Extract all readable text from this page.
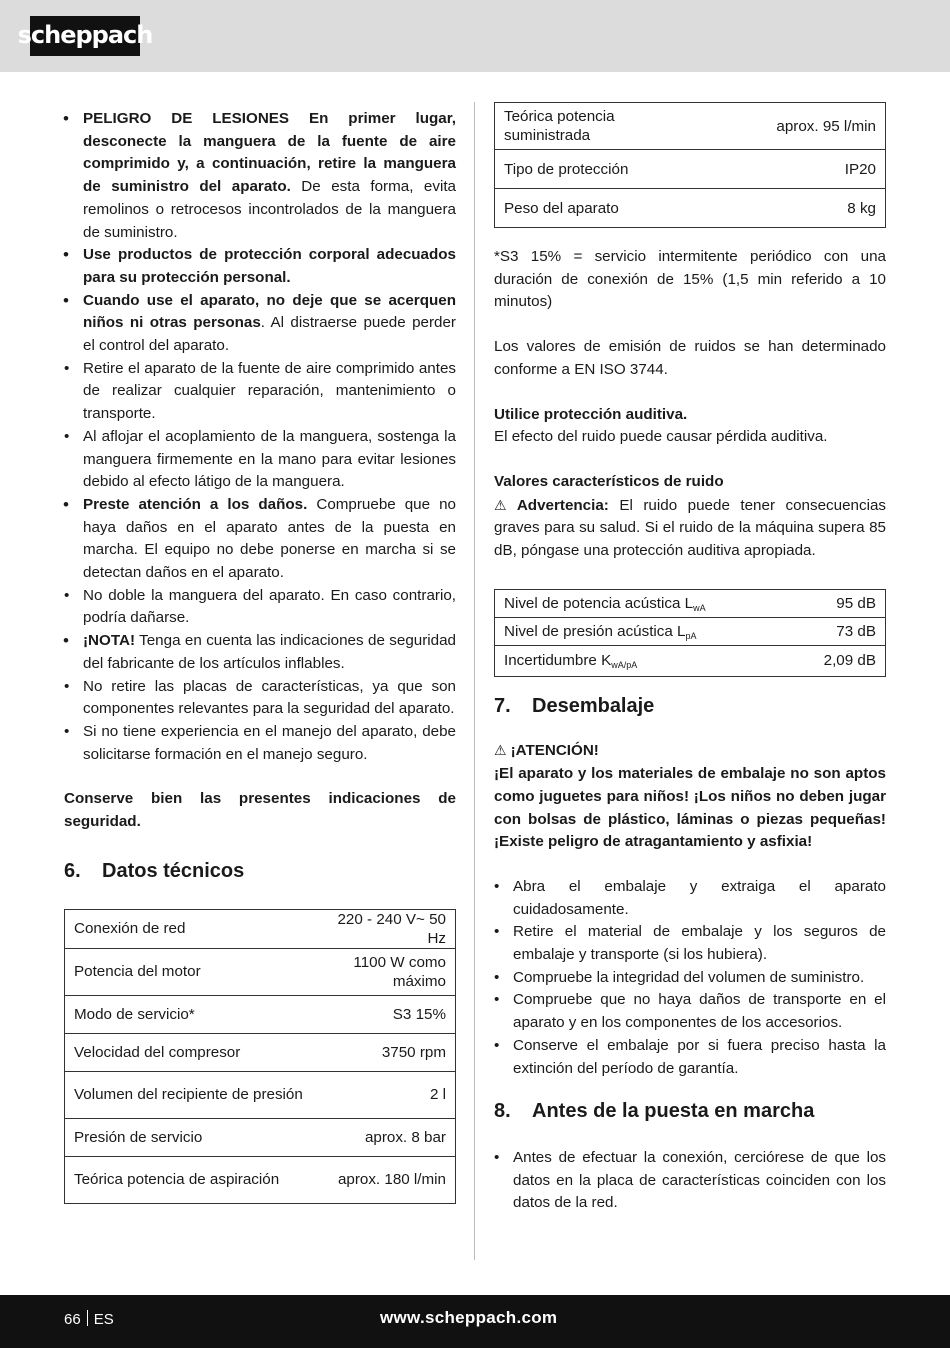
scheppach
• PELIGRO DE LESIONES En primer lugar, desconecte la manguera de la fuente de aire comprimido y, a continuación, retire la manguera de suministro del aparato. De esta forma, evita remolinos o retrocesos incontrolados de la manguera de suministro.
• Use productos de protección corporal adecuados para su protección personal.
• Cuando use el aparato, no deje que se acerquen niños ni otras personas. Al distraerse puede perder el control del aparato.
• Retire el aparato de la fuente de aire comprimido antes de realizar cualquier reparación, mantenimiento o transporte.
• Al aflojar el acoplamiento de la manguera, sostenga la manguera firmemente en la mano para evitar lesiones debido al efecto látigo de la manguera.
• Preste atención a los daños. Compruebe que no haya daños en el aparato antes de la puesta en marcha. El equipo no debe ponerse en marcha si se detectan daños en el aparato.
• No doble la manguera del aparato. En caso contrario, podría dañarse.
• ¡NOTA! Tenga en cuenta las indicaciones de seguridad del fabricante de los artículos inflables.
• No retire las placas de características, ya que son componentes relevantes para la seguridad del aparato.
• Si no tiene experiencia en el manejo del aparato, debe solicitarse formación en el manejo seguro.

Conserve bien las presentes indicaciones de seguridad.

6.	Datos técnicos
Conexión de red	220 - 240 V~ 50 Hz
Potencia del motor	1100 W como máximo
Modo de servicio*	S3 15%
Velocidad del compresor	3750 rpm
Volumen del recipiente de presión	2 l
Presión de servicio	aprox. 8 bar
Teórica potencia de aspiración	aprox. 180 l/min
Teórica potencia suministrada	aprox. 95 l/min
Tipo de protección	IP20
Peso del aparato	8 kg

*S3 15% = servicio intermitente periódico con una duración de conexión de 15% (1,5 min referido a 10 minutos)

Los valores de emisión de ruidos se han determinado conforme a EN ISO 3744.

Utilice protección auditiva.

El efecto del ruido puede causar pérdida auditiva.

Valores característicos de ruido

⚠ Advertencia: El ruido puede tener consecuencias graves para su salud. Si el ruido de la máquina supera 85 dB, póngase una protección auditiva apropiada.

Nivel de potencia acústica $L_{wA}$	95 dB
Nivel de presión acústica $L_{pA}$	73 dB
Incertidumbre $K_{wA/pA}$	2,09 dB
7.	Desembalaje

⚠ ¡ATENCIÓN!

¡El aparato y los materiales de embalaje no son aptos como juguetes para niños! ¡Los niños no deben jugar con bolsas de plástico, láminas o piezas pequeñas! ¡Existe peligro de atragantamiento y asfixia!

• Abra el embalaje y extraiga el aparato cuidadosamente.
• Retire el material de embalaje y los seguros de embalaje y transporte (si los hubiera).
• Compruebe la integridad del volumen de suministro.
• Compruebe que no haya daños de transporte en el aparato y en los componentes de los accesorios.
• Conserve el embalaje por si fuera preciso hasta la extinción del período de garantía.
8.	Antes de la puesta en marcha
• Antes de efectuar la conexión, cerciórese de que los datos en la placa de características coinciden con los datos de la red.
66 ES	www.scheppach.com
